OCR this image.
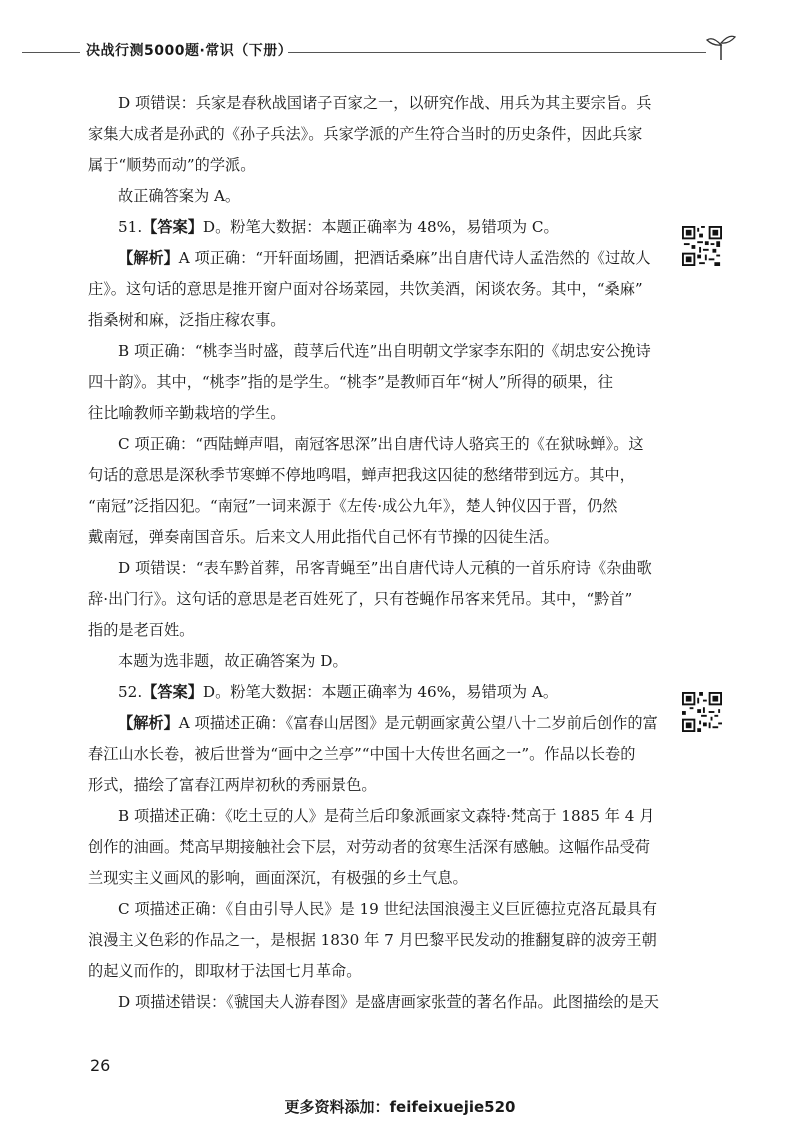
决战行测5000题·常识（下册）

D 项错误：兵家是春秋战国诸子百家之一，以研究作战、用兵为其主要宗旨。兵

家集大成者是孙武的《孙子兵法》。兵家学派的产生符合当时的历史条件，因此兵家

属于“顺势而动”的学派。

故正确答案为 A。

51.【答案】D。粉笔大数据：本题正确率为 48%，易错项为 C。

【解析】A 项正确：“开轩面场圃，把酒话桑麻”出自唐代诗人孟浩然的《过故人

庄》。这句话的意思是推开窗户面对谷场菜园，共饮美酒，闲谈农务。其中，“桑麻”

指桑树和麻，泛指庄稼农事。

B 项正确：“桃李当时盛，葭莩后代连”出自明朝文学家李东阳的《胡忠安公挽诗

四十韵》。其中，“桃李”指的是学生。“桃李”是教师百年“树人”所得的硕果，往

往比喻教师辛勤栽培的学生。

C 项正确：“西陆蝉声唱，南冠客思深”出自唐代诗人骆宾王的《在狱咏蝉》。这

句话的意思是深秋季节寒蝉不停地鸣唱，蝉声把我这囚徒的愁绪带到远方。其中，

“南冠”泛指囚犯。“南冠”一词来源于《左传·成公九年》，楚人钟仪囚于晋，仍然

戴南冠，弹奏南国音乐。后来文人用此指代自己怀有节操的囚徒生活。

D 项错误：“表车黔首葬，吊客青蝇至”出自唐代诗人元稹的一首乐府诗《杂曲歌

辞·出门行》。这句话的意思是老百姓死了，只有苍蝇作吊客来凭吊。其中，“黔首”

指的是老百姓。

本题为选非题，故正确答案为 D。

52.【答案】D。粉笔大数据：本题正确率为 46%，易错项为 A。

【解析】A 项描述正确：《富春山居图》是元朝画家黄公望八十二岁前后创作的富

春江山水长卷，被后世誉为“画中之兰亭”“中国十大传世名画之一”。作品以长卷的

形式，描绘了富春江两岸初秋的秀丽景色。

B 项描述正确：《吃土豆的人》是荷兰后印象派画家文森特·梵高于 1885 年 4 月

创作的油画。梵高早期接触社会下层，对劳动者的贫寒生活深有感触。这幅作品受荷

兰现实主义画风的影响，画面深沉，有极强的乡土气息。

C 项描述正确：《自由引导人民》是 19 世纪法国浪漫主义巨匠德拉克洛瓦最具有

浪漫主义色彩的作品之一，是根据 1830 年 7 月巴黎平民发动的推翻复辟的波旁王朝

的起义而作的，即取材于法国七月革命。

D 项描述错误：《虢国夫人游春图》是盛唐画家张萱的著名作品。此图描绘的是天

26
更多资料添加：feifeixuejie520
